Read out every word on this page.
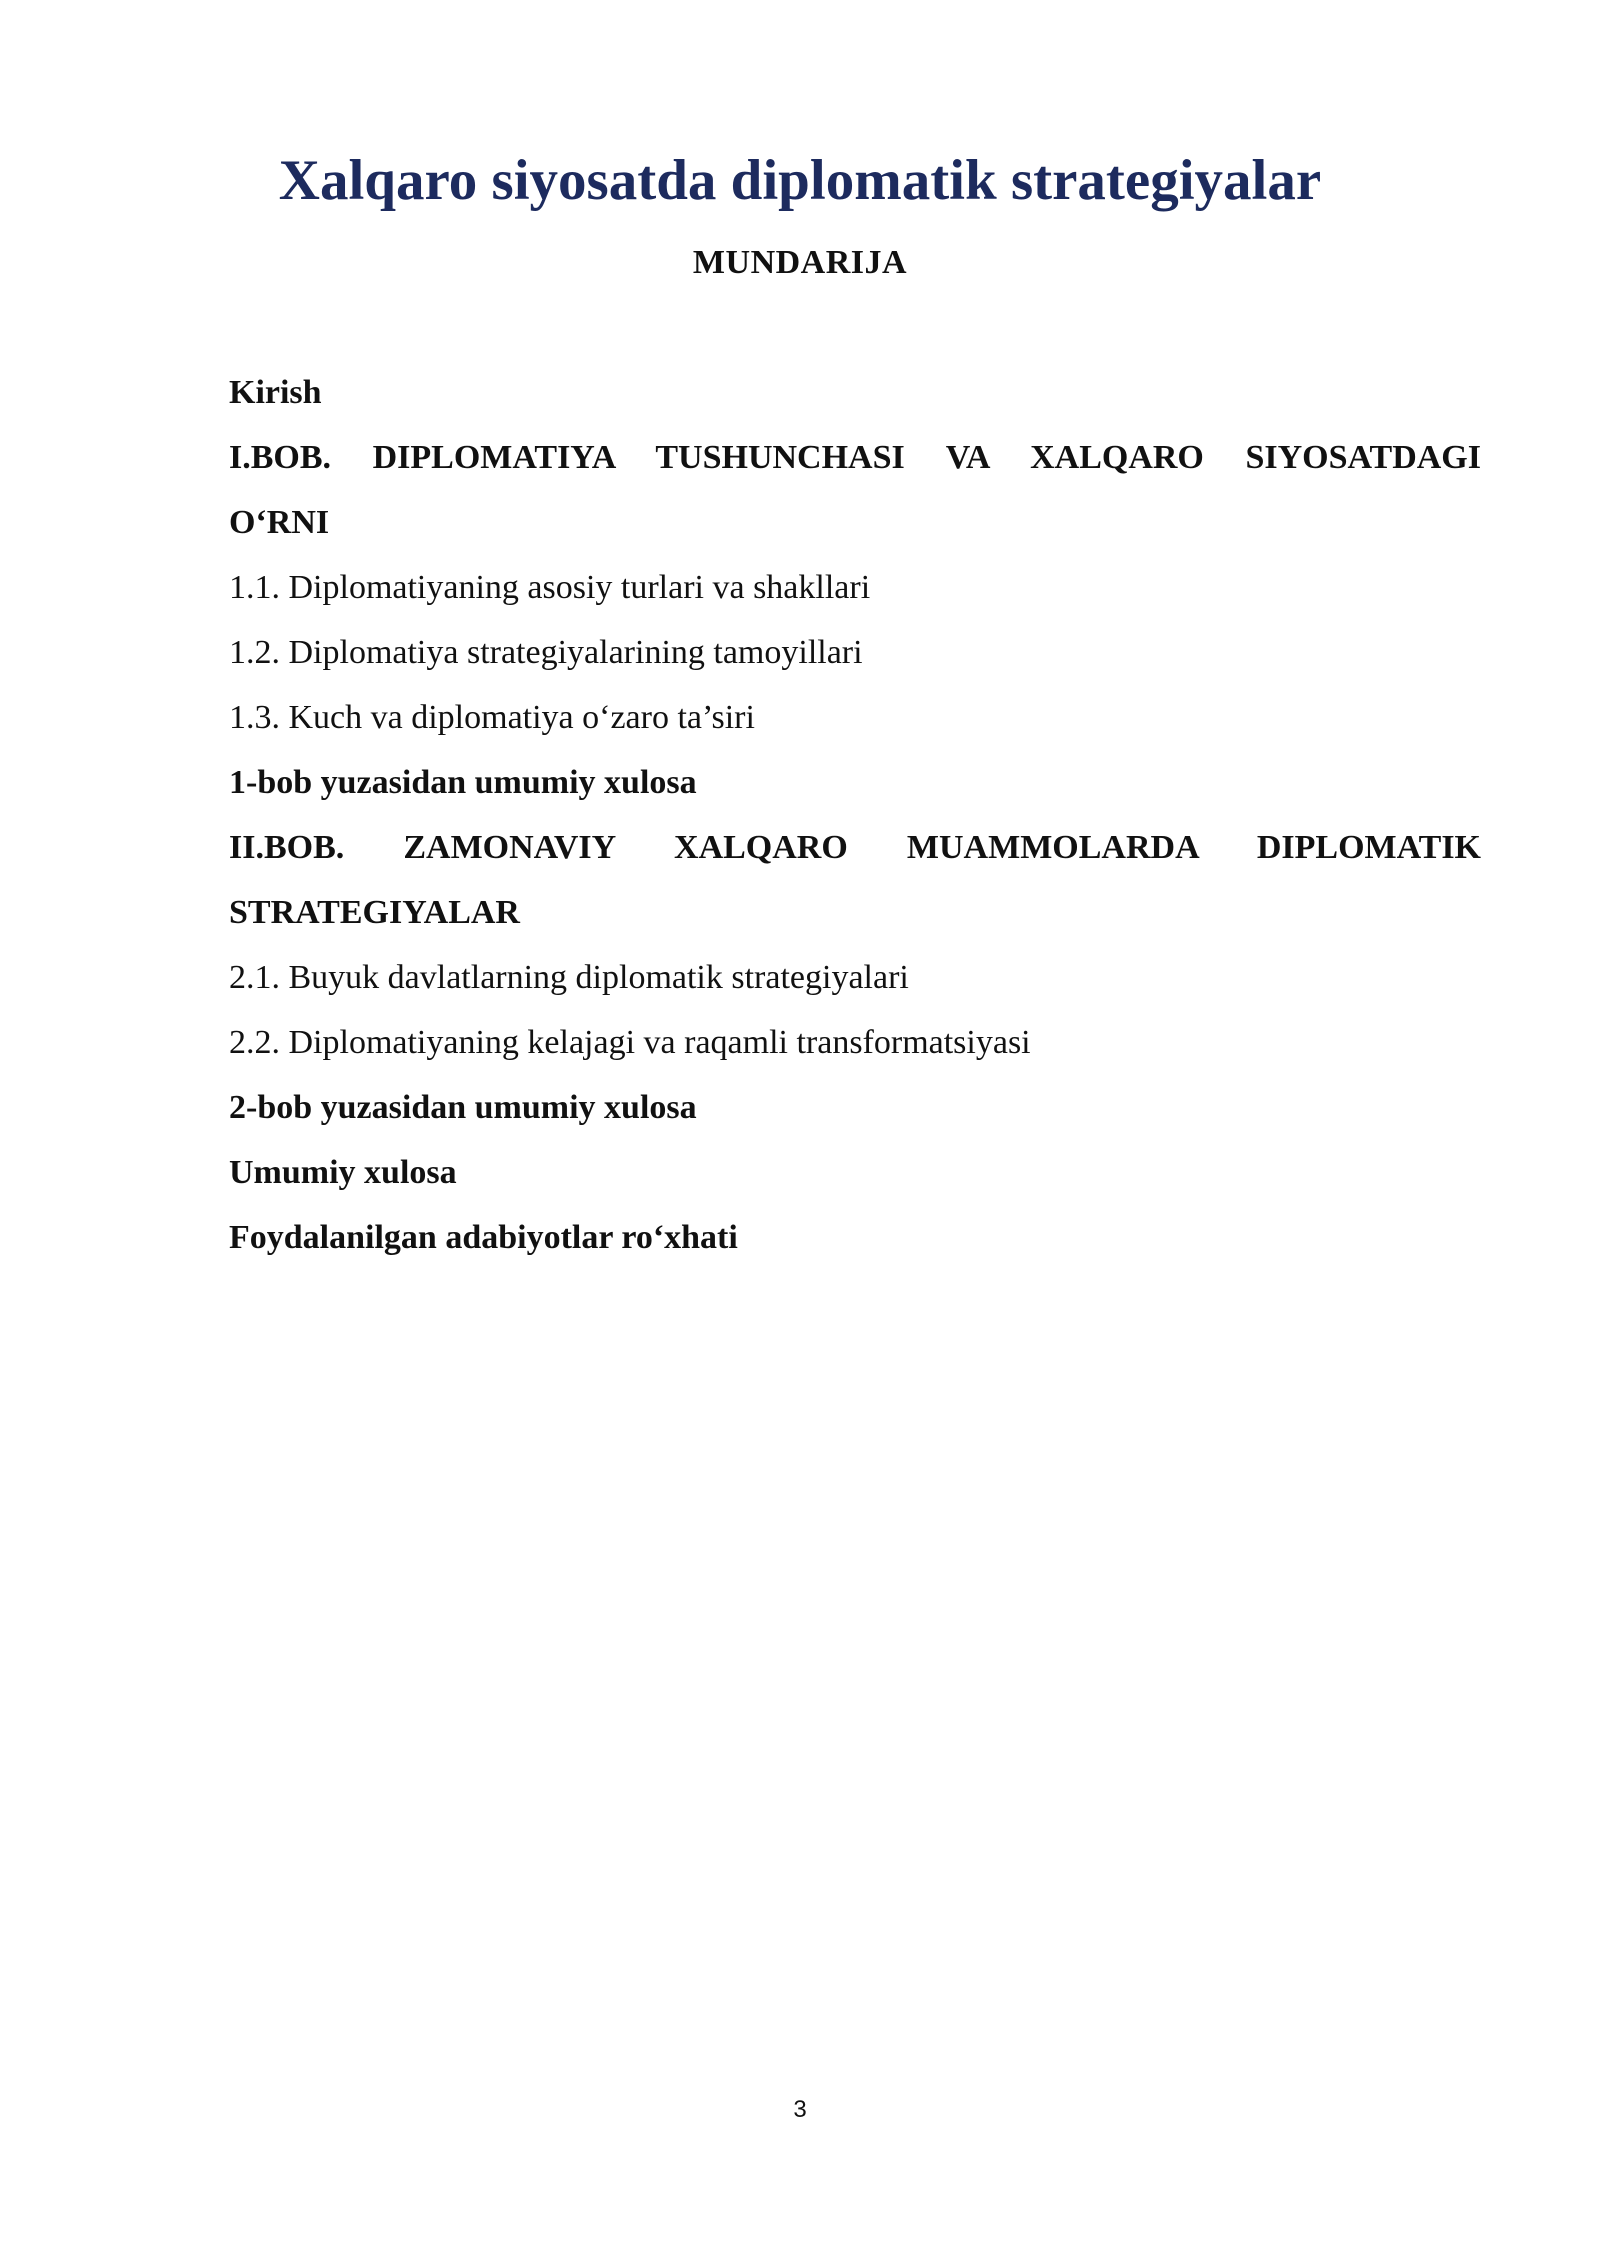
Xalqaro siyosatda diplomatik strategiyalar
MUNDARIJA
Kirish
I.BOB. DIPLOMATIYA TUSHUNCHASI VA XALQARO SIYOSATDAGI
O‘RNI
1.1. Diplomatiyaning asosiy turlari va shakllari
1.2. Diplomatiya strategiyalarining tamoyillari
1.3. Kuch va diplomatiya o‘zaro ta’siri
1-bob yuzasidan umumiy xulosa
II.BOB. ZAMONAVIY XALQARO MUAMMOLARDA DIPLOMATIK
STRATEGIYALAR
2.1. Buyuk davlatlarning diplomatik strategiyalari
2.2. Diplomatiyaning kelajagi va raqamli transformatsiyasi
2-bob yuzasidan umumiy xulosa
Umumiy xulosa
Foydalanilgan adabiyotlar ro‘xhati
3
